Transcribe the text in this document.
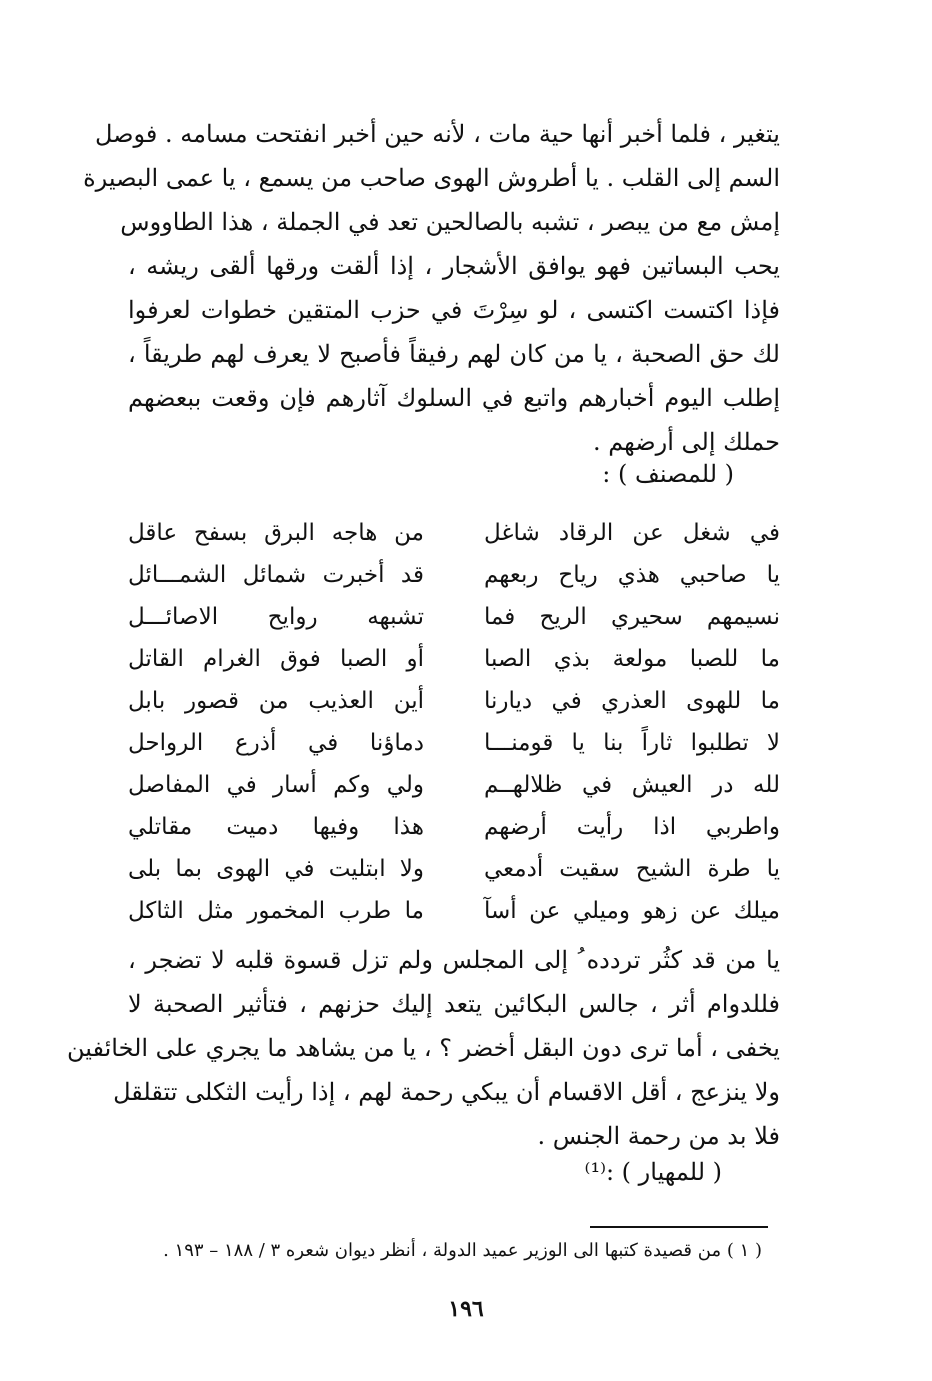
يتغير ، فلما أخبر أنها حية مات ، لأنه حين أخبر انفتحت مسامه . فوصل
السم إلى القلب . يا أطروش الهوى صاحب من يسمع ، يا عمى البصيرة
إمش مع من يبصر ، تشبه بالصالحين تعد في الجملة ، هذا الطاووس
يحب البساتين فهو يوافق الأشجار ، إذا ألقت ورقها ألقى ريشه ،
فإذا اكتست اكتسى ، لو سِرْتَ في حزب المتقين خطوات لعرفوا
لك حق الصحبة ، يا من كان لهم رفيقاً فأصبح لا يعرف لهم طريقاً ،
إطلب اليوم أخبارهم واتبع في السلوك آثارهم فإن وقعت ببعضهم
حملك إلى أرضهم .
( للمصنف ) :
في شغل عن الرقاد شاغل
من هاجه البرق بسفح عاقل
يا صاحبي هذي رياح ربعهم
قد أخبرت شمائل الشمـــائل
نسيمهم سحيري الريح فما
تشبهه روايح الاصائـــل
ما للصبا مولعة بذي الصبا
أو الصبا فوق الغرام القاتل
ما للهوى العذري في ديارنا
أين العذيب من قصور بابل
لا تطلبوا ثاراً بنا يا قومنـــا
دماؤنا في أذرع الرواحل
لله در العيش في ظلالهــم
ولي وكم أسار في المفاصل
واطربي اذا رأيت أرضهم
هذا وفيها دميت مقاتلي
يا طرة الشيح سقيت أدمعي
ولا ابتليت في الهوى بما بلى
ميلك عن زهو وميلي عن أسآ
ما طرب المخمور مثل الثاكل
يا من قد كثُر تردده ُ إلى المجلس ولم تزل قسوة قلبه لا تضجر ،
فللدوام أثر ، جالس البكائين يتعد إليك حزنهم ، فتأثير الصحبة لا
يخفى ، أما ترى دون البقل أخضر ؟ ، يا من يشاهد ما يجري على الخائفين
ولا ينزعج ، أقل الاقسام أن يبكي رحمة لهم ، إذا رأيت الثكلى تتقلقل
فلا بد من رحمة الجنس .
( للمهيار ) :⁽¹⁾
( ١ ) من قصيدة كتبها الى الوزير عميد الدولة ، أنظر ديوان شعره ٣ / ١٨٨ – ١٩٣ .
١٩٦
